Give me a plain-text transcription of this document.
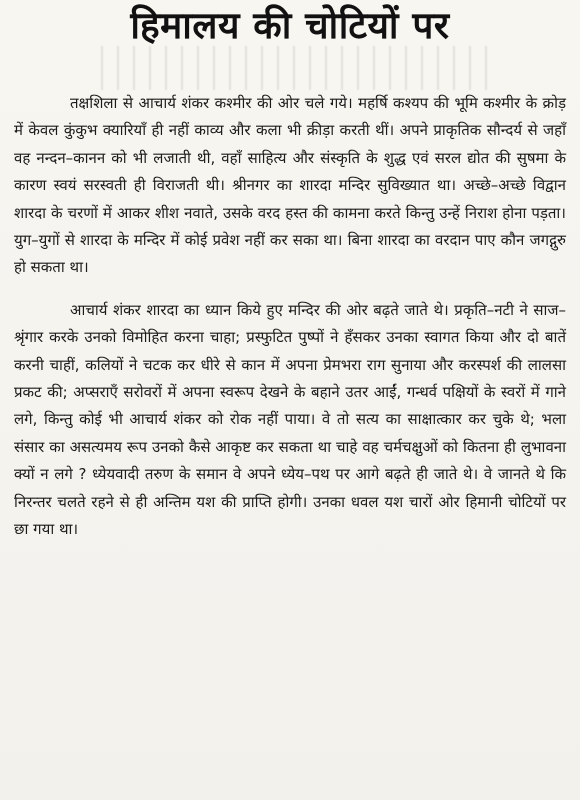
हिमालय की चोटियों पर

तक्षशिला से आचार्य शंकर कश्मीर की ओर चले गये। महर्षि कश्यप की भूमि कश्मीर के क्रोड़ में केवल कुंकुभ क्यारियाँ ही नहीं काव्य और कला भी क्रीड़ा करती थीं। अपने प्राकृतिक सौन्दर्य से जहाँ वह नन्दन–कानन को भी लजाती थी, वहाँ साहित्य और संस्कृति के शुद्ध एवं सरल द्योत की सुषमा के कारण स्वयं सरस्वती ही विराजती थी। श्रीनगर का शारदा मन्दिर सुविख्यात था। अच्छे–अच्छे विद्वान शारदा के चरणों में आकर शीश नवाते, उसके वरद हस्त की कामना करते किन्तु उन्हें निराश होना पड़ता। युग–युगों से शारदा के मन्दिर में कोई प्रवेश नहीं कर सका था। बिना शारदा का वरदान पाए कौन जगद्गुरु हो सकता था।

आचार्य शंकर शारदा का ध्यान किये हुए मन्दिर की ओर बढ़ते जाते थे। प्रकृति–नटी ने साज–श्रृंगार करके उनको विमोहित करना चाहा; प्रस्फुटित पुष्पों ने हँसकर उनका स्वागत किया और दो बातें करनी चाहीं, कलियों ने चटक कर धीरे से कान में अपना प्रेमभरा राग सुनाया और करस्पर्श की लालसा प्रकट की; अप्सराएँ सरोवरों में अपना स्वरूप देखने के बहाने उतर आईं, गन्धर्व पक्षियों के स्वरों में गाने लगे, किन्तु कोई भी आचार्य शंकर को रोक नहीं पाया। वे तो सत्य का साक्षात्कार कर चुके थे; भला संसार का असत्यमय रूप उनको कैसे आकृष्ट कर सकता था चाहे वह चर्मचक्षुओं को कितना ही लुभावना क्यों न लगे ? ध्येयवादी तरुण के समान वे अपने ध्येय–पथ पर आगे बढ़ते ही जाते थे। वे जानते थे कि निरन्तर चलते रहने से ही अन्तिम यश की प्राप्ति होगी। उनका धवल यश चारों ओर हिमानी चोटियों पर छा गया था।
